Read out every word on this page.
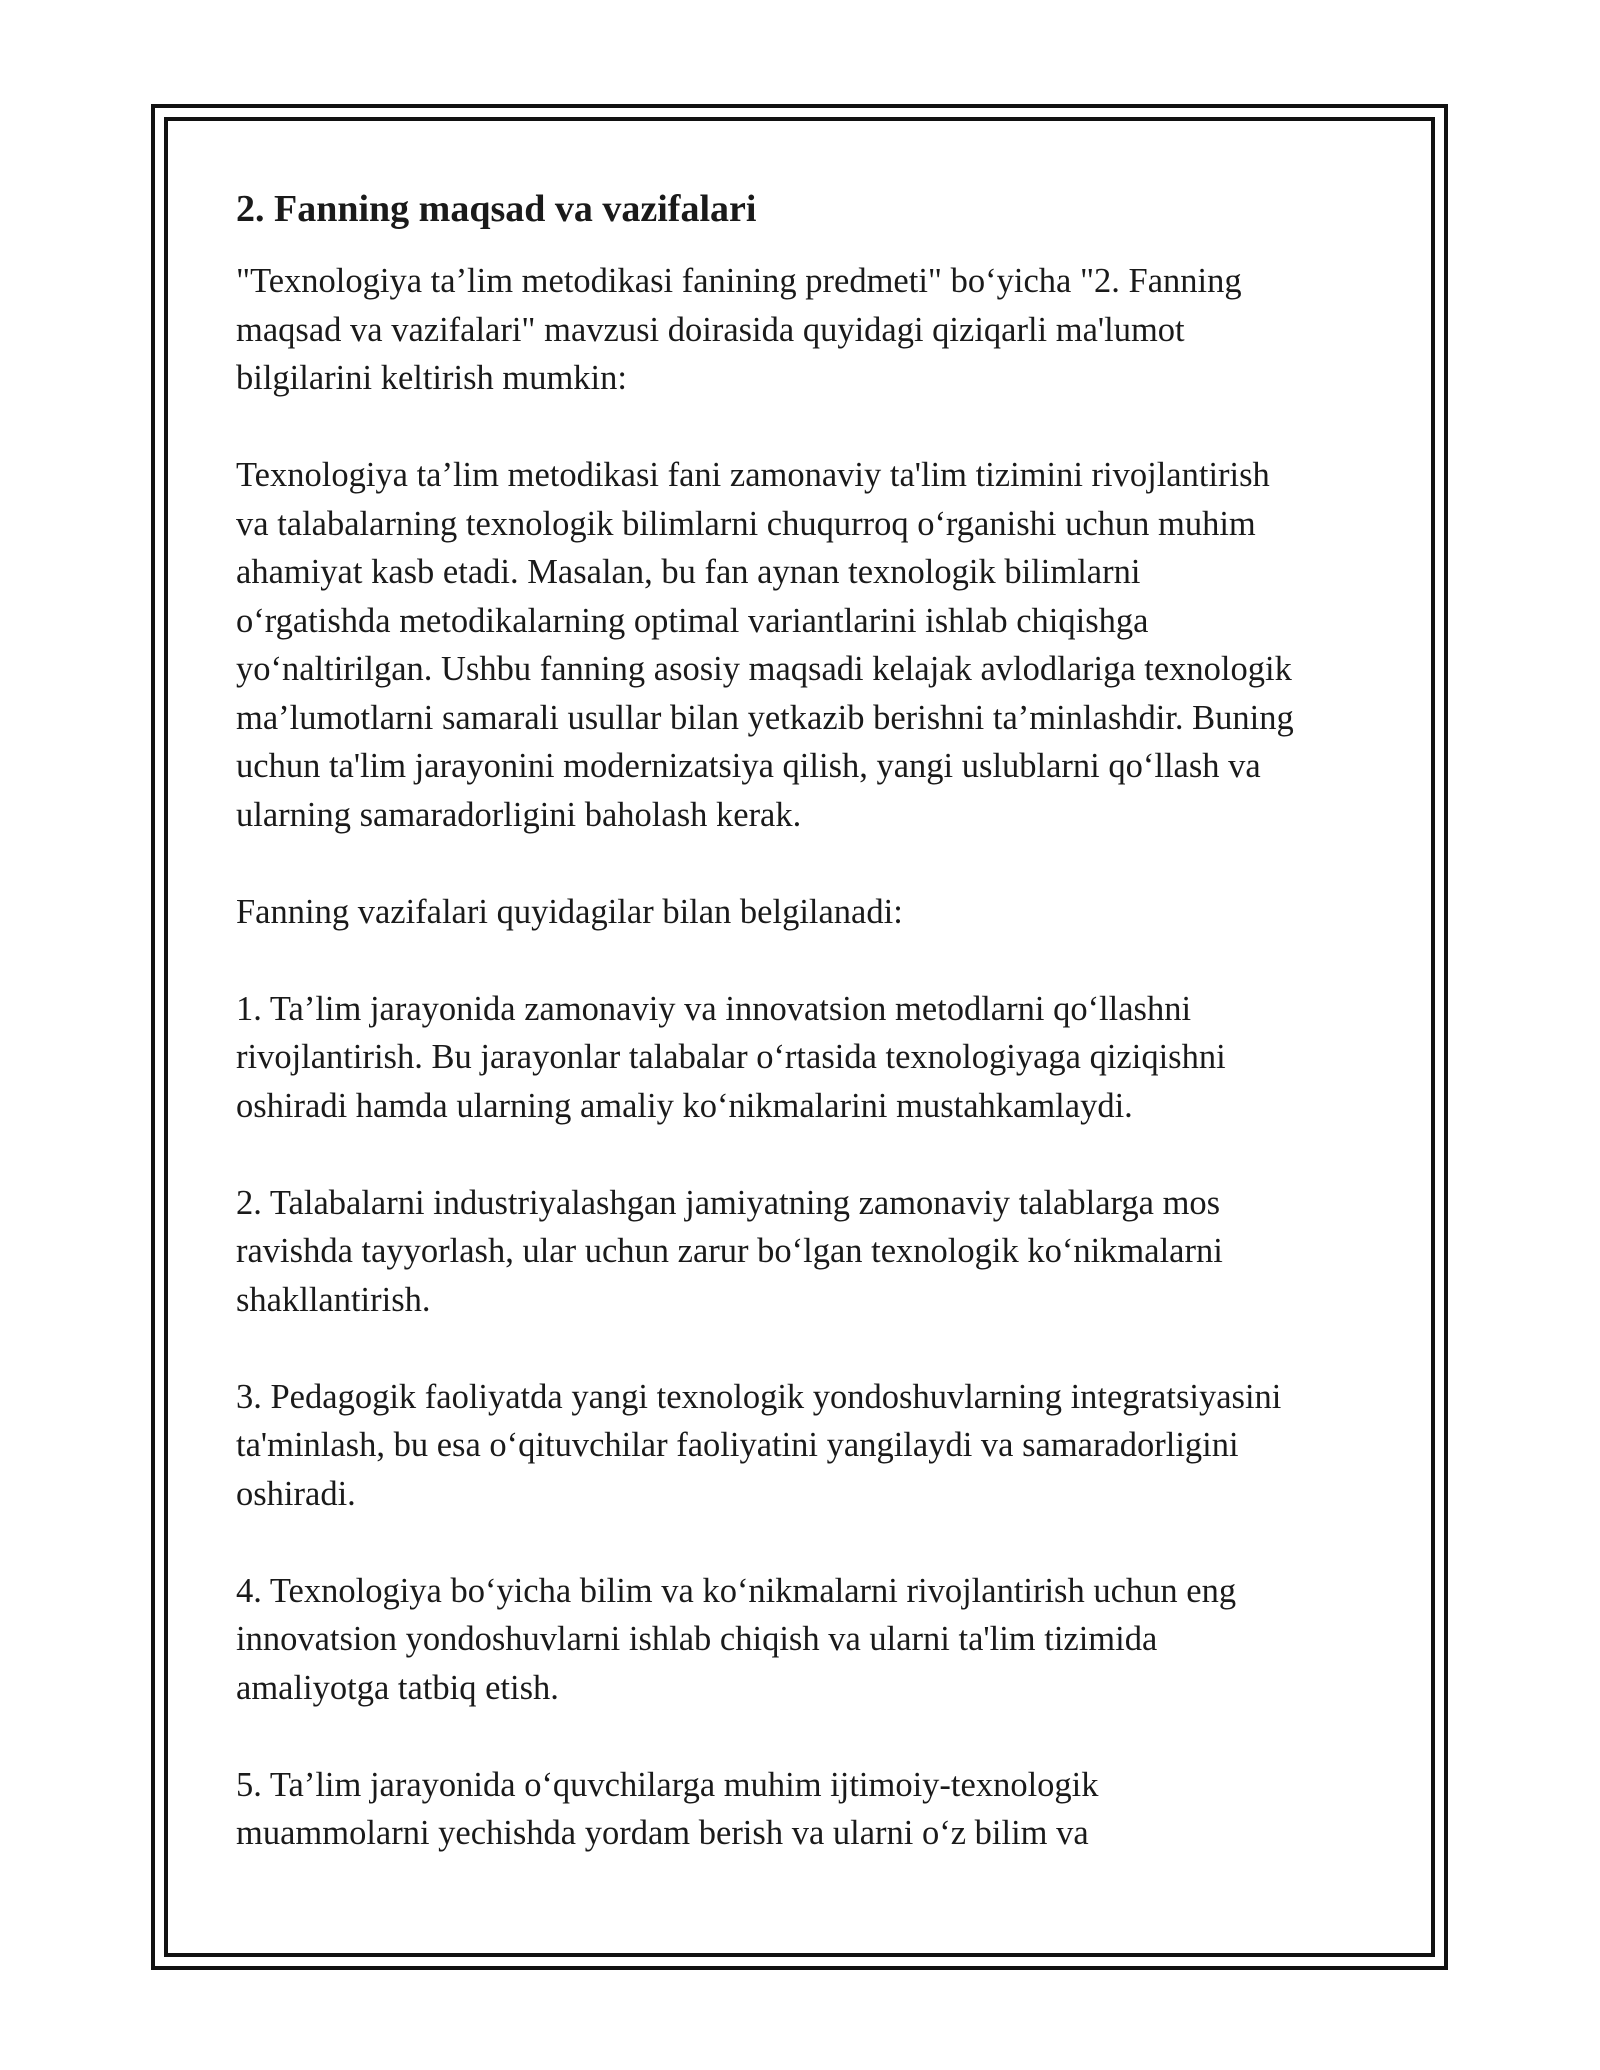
2. Fanning maqsad va vazifalari
"Texnologiya ta’lim metodikasi fanining predmeti" bo‘yicha "2. Fanning
maqsad va vazifalari" mavzusi doirasida quyidagi qiziqarli ma'lumot
bilgilarini keltirish mumkin:
Texnologiya ta’lim metodikasi fani zamonaviy ta'lim tizimini rivojlantirish
va talabalarning texnologik bilimlarni chuqurroq o‘rganishi uchun muhim
ahamiyat kasb etadi. Masalan, bu fan aynan texnologik bilimlarni
o‘rgatishda metodikalarning optimal variantlarini ishlab chiqishga
yo‘naltirilgan. Ushbu fanning asosiy maqsadi kelajak avlodlariga texnologik
ma’lumotlarni samarali usullar bilan yetkazib berishni ta’minlashdir. Buning
uchun ta'lim jarayonini modernizatsiya qilish, yangi uslublarni qo‘llash va
ularning samaradorligini baholash kerak.
Fanning vazifalari quyidagilar bilan belgilanadi:
1. Ta’lim jarayonida zamonaviy va innovatsion metodlarni qo‘llashni
rivojlantirish. Bu jarayonlar talabalar o‘rtasida texnologiyaga qiziqishni
oshiradi hamda ularning amaliy ko‘nikmalarini mustahkamlaydi.
2. Talabalarni industriyalashgan jamiyatning zamonaviy talablarga mos
ravishda tayyorlash, ular uchun zarur bo‘lgan texnologik ko‘nikmalarni
shakllantirish.
3. Pedagogik faoliyatda yangi texnologik yondoshuvlarning integratsiyasini
ta'minlash, bu esa o‘qituvchilar faoliyatini yangilaydi va samaradorligini
oshiradi.
4. Texnologiya bo‘yicha bilim va ko‘nikmalarni rivojlantirish uchun eng
innovatsion yondoshuvlarni ishlab chiqish va ularni ta'lim tizimida
amaliyotga tatbiq etish.
5. Ta’lim jarayonida o‘quvchilarga muhim ijtimoiy-texnologik
muammolarni yechishda yordam berish va ularni o‘z bilim va
